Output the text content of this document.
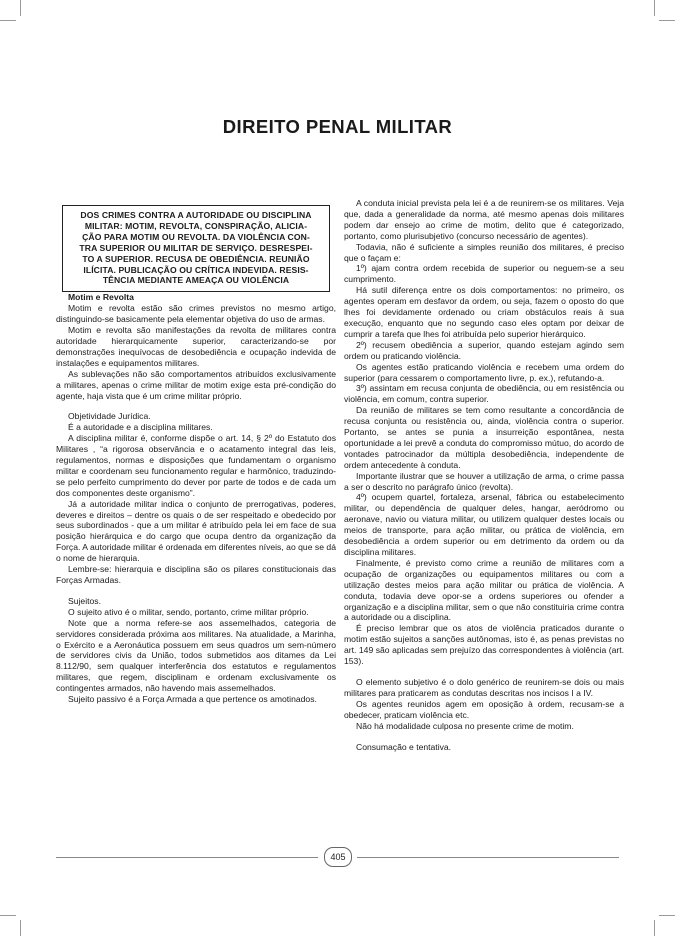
DIREITO PENAL MILITAR
DOS CRIMES CONTRA A AUTORIDADE OU DISCIPLINA
MILITAR: MOTIM, REVOLTA, CONSPIRAÇÃO, ALICIA-
ÇÃO PARA MOTIM OU REVOLTA. DA VIOLÊNCIA CON-
TRA SUPERIOR OU MILITAR DE SERVIÇO. DESRESPEI-
TO A SUPERIOR. RECUSA DE OBEDIÊNCIA. REUNIÃO
ILÍCITA. PUBLICAÇÃO OU CRÍTICA INDEVIDA. RESIS-
TÊNCIA MEDIANTE AMEAÇA OU VIOLÊNCIA

Motim e Revolta

Motim e revolta estão são crimes previstos no mesmo artigo, distinguindo-se basicamente pela elementar objetiva do uso de armas.

Motim e revolta são manifestações da revolta de militares contra autoridade hierarquicamente superior, caracterizando-se por demonstrações inequívocas de desobediência e ocupação indevida de instalações e equipamentos militares.

As sublevações não são comportamentos atribuídos exclusivamente a militares, apenas o crime militar de motim exige esta pré-condição do agente, haja vista que é um crime militar próprio.

Objetividade Jurídica.

É a autoridade e a disciplina militares.

A disciplina militar é, conforme dispõe o art. 14, § 2º do Estatuto dos Militares , “a rigorosa observância e o acatamento integral das leis, regulamentos, normas e disposições que fundamentam o organismo militar e coordenam seu funcionamento regular e harmônico, traduzindo-se pelo perfeito cumprimento do dever por parte de todos e de cada um dos componentes deste organismo”.

Já a autoridade militar indica o conjunto de prerrogativas, poderes, deveres e direitos – dentre os quais o de ser respeitado e obedecido por seus subordinados - que a um militar é atribuído pela lei em face de sua posição hierárquica e do cargo que ocupa dentro da organização da Força. A autoridade militar é ordenada em diferentes níveis, ao que se dá o nome de hierarquia.

Lembre-se: hierarquia e disciplina são os pilares constitucionais das Forças Armadas.

Sujeitos.

O sujeito ativo é o militar, sendo, portanto, crime militar próprio.

Note que a norma refere-se aos assemelhados, categoria de servidores considerada próxima aos militares. Na atualidade, a Marinha, o Exército e a Aeronáutica possuem em seus quadros um sem-número de servidores civis da União, todos submetidos aos ditames da Lei 8.112/90, sem qualquer interferência dos estatutos e regulamentos militares, que regem, disciplinam e ordenam exclusivamente os contingentes armados, não havendo mais assemelhados.

Sujeito passivo é a Força Armada a que pertence os amotinados.

A conduta inicial prevista pela lei é a de reunirem-se os militares. Veja que, dada a generalidade da norma, até mesmo apenas dois militares podem dar ensejo ao crime de motim, delito que é categorizado, portanto, como plurisubjetivo (concurso necessário de agentes).

Todavia, não é suficiente a simples reunião dos militares, é preciso que o façam e:

1º) ajam contra ordem recebida de superior ou neguem-se a seu cumprimento.

Há sutil diferença entre os dois comportamentos: no primeiro, os agentes operam em desfavor da ordem, ou seja, fazem o oposto do que lhes foi devidamente ordenado ou criam obstáculos reais à sua execução, enquanto que no segundo caso eles optam por deixar de cumprir a tarefa que lhes foi atribuída pelo superior hierárquico.

2º) recusem obediência a superior, quando estejam agindo sem ordem ou praticando violência.

Os agentes estão praticando violência e recebem uma ordem do superior (para cessarem o comportamento livre, p. ex.), refutando-a.

3º) assintam em recusa conjunta de obediência, ou em resistência ou violência, em comum, contra superior.

Da reunião de militares se tem como resultante a concordância de recusa conjunta ou resistência ou, ainda, violência contra o superior. Portanto, se antes se punia a insurreição espontânea, nesta oportunidade a lei prevê a conduta do compromisso mútuo, do acordo de vontades patrocinador da múltipla desobediência, independente de ordem antecedente à conduta.

Importante ilustrar que se houver a utilização de arma, o crime passa a ser o descrito no parágrafo único (revolta).

4º) ocupem quartel, fortaleza, arsenal, fábrica ou estabelecimento militar, ou dependência de qualquer deles, hangar, aeródromo ou aeronave, navio ou viatura militar, ou utilizem qualquer destes locais ou meios de transporte, para ação militar, ou prática de violência, em desobediência a ordem superior ou em detrimento da ordem ou da disciplina militares.

Finalmente, é previsto como crime a reunião de militares com a ocupação de organizações ou equipamentos militares ou com a utilização destes meios para ação militar ou prática de violência. A conduta, todavia deve opor-se a ordens superiores ou ofender a organização e a disciplina militar, sem o que não constituiria crime contra a autoridade ou a disciplina.

É preciso lembrar que os atos de violência praticados durante o motim estão sujeitos a sanções autônomas, isto é, as penas previstas no art. 149 são aplicadas sem prejuízo das correspondentes à violência (art. 153).

O elemento subjetivo é o dolo genérico de reunirem-se dois ou mais militares para praticarem as condutas descritas nos incisos I a IV.

Os agentes reunidos agem em oposição à ordem, recusam-se a obedecer, praticam violência etc.

Não há modalidade culposa no presente crime de motim.

Consumação e tentativa.

405
